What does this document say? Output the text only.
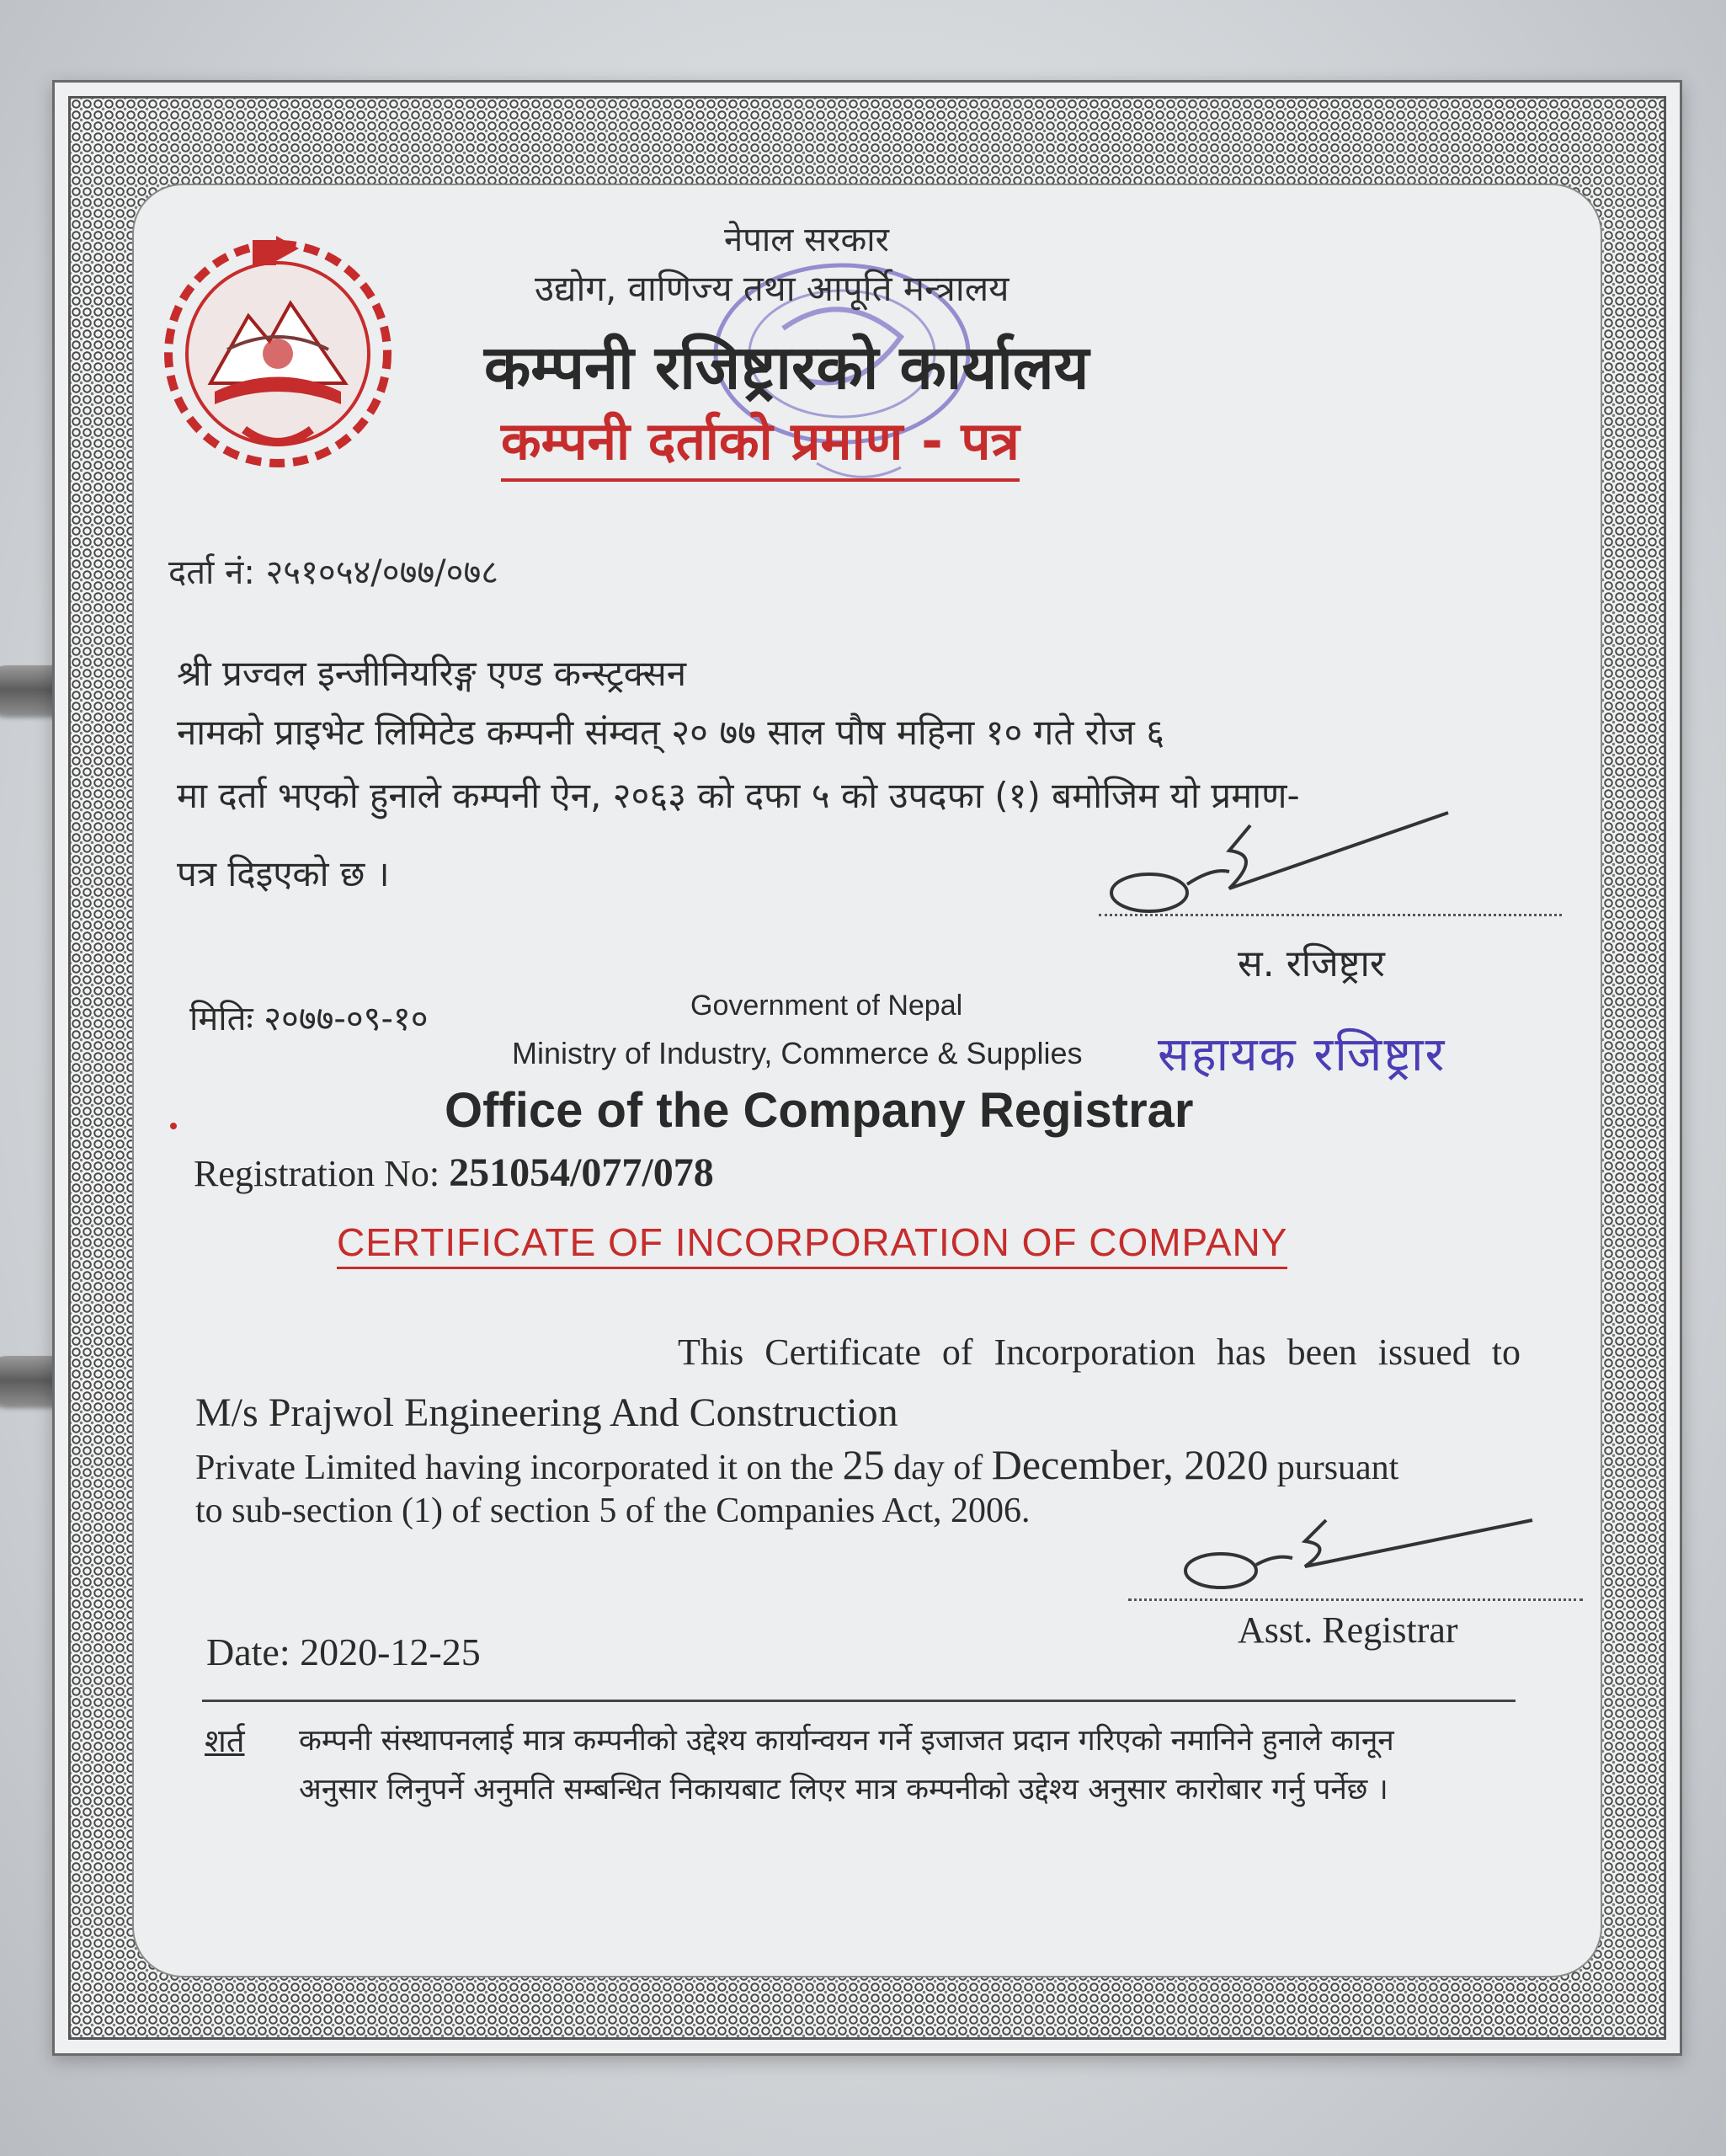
नेपाल सरकार
उद्योग, वाणिज्य तथा आपूर्ति मन्त्रालय
कम्पनी रजिष्ट्रारको कार्यालय
कम्पनी दर्ताको प्रमाण - पत्र
दर्ता नं: २५१०५४/०७७/०७८
श्री प्रज्वल इन्जीनियरिङ्ग एण्ड कन्स्ट्रक्सन
नामको प्राइभेट लिमिटेड कम्पनी संम्वत् २० ७७ साल पौष महिना १० गते रोज ६
मा दर्ता भएको हुनाले कम्पनी ऐन, २०६३ को दफा ५ को उपदफा (१) बमोजिम यो प्रमाण-
पत्र दिइएको छ ।
स. रजिष्ट्रार
मितिः २०७७-०९-१०	Government of Nepal
Ministry of Industry, Commerce & Supplies सहायक रजिष्ट्रार
Office of the Company Registrar
Registration No: 251054/077/078
CERTIFICATE OF INCORPORATION OF COMPANY
This Certificate of Incorporation has been issued to
M/s Prajwol Engineering And Construction
Private Limited having incorporated it on the 25 day of December, 2020 pursuant
to sub-section (1) of section 5 of the Companies Act, 2006.
Asst. Registrar
Date: 2020-12-25
शर्त कम्पनी संस्थापनलाई मात्र कम्पनीको उद्देश्य कार्यान्वयन गर्ने इजाजत प्रदान गरिएको नमानिने हुनाले कानून
अनुसार लिनुपर्ने अनुमति सम्बन्धित निकायबाट लिएर मात्र कम्पनीको उद्देश्य अनुसार कारोबार गर्नु पर्नेछ ।
